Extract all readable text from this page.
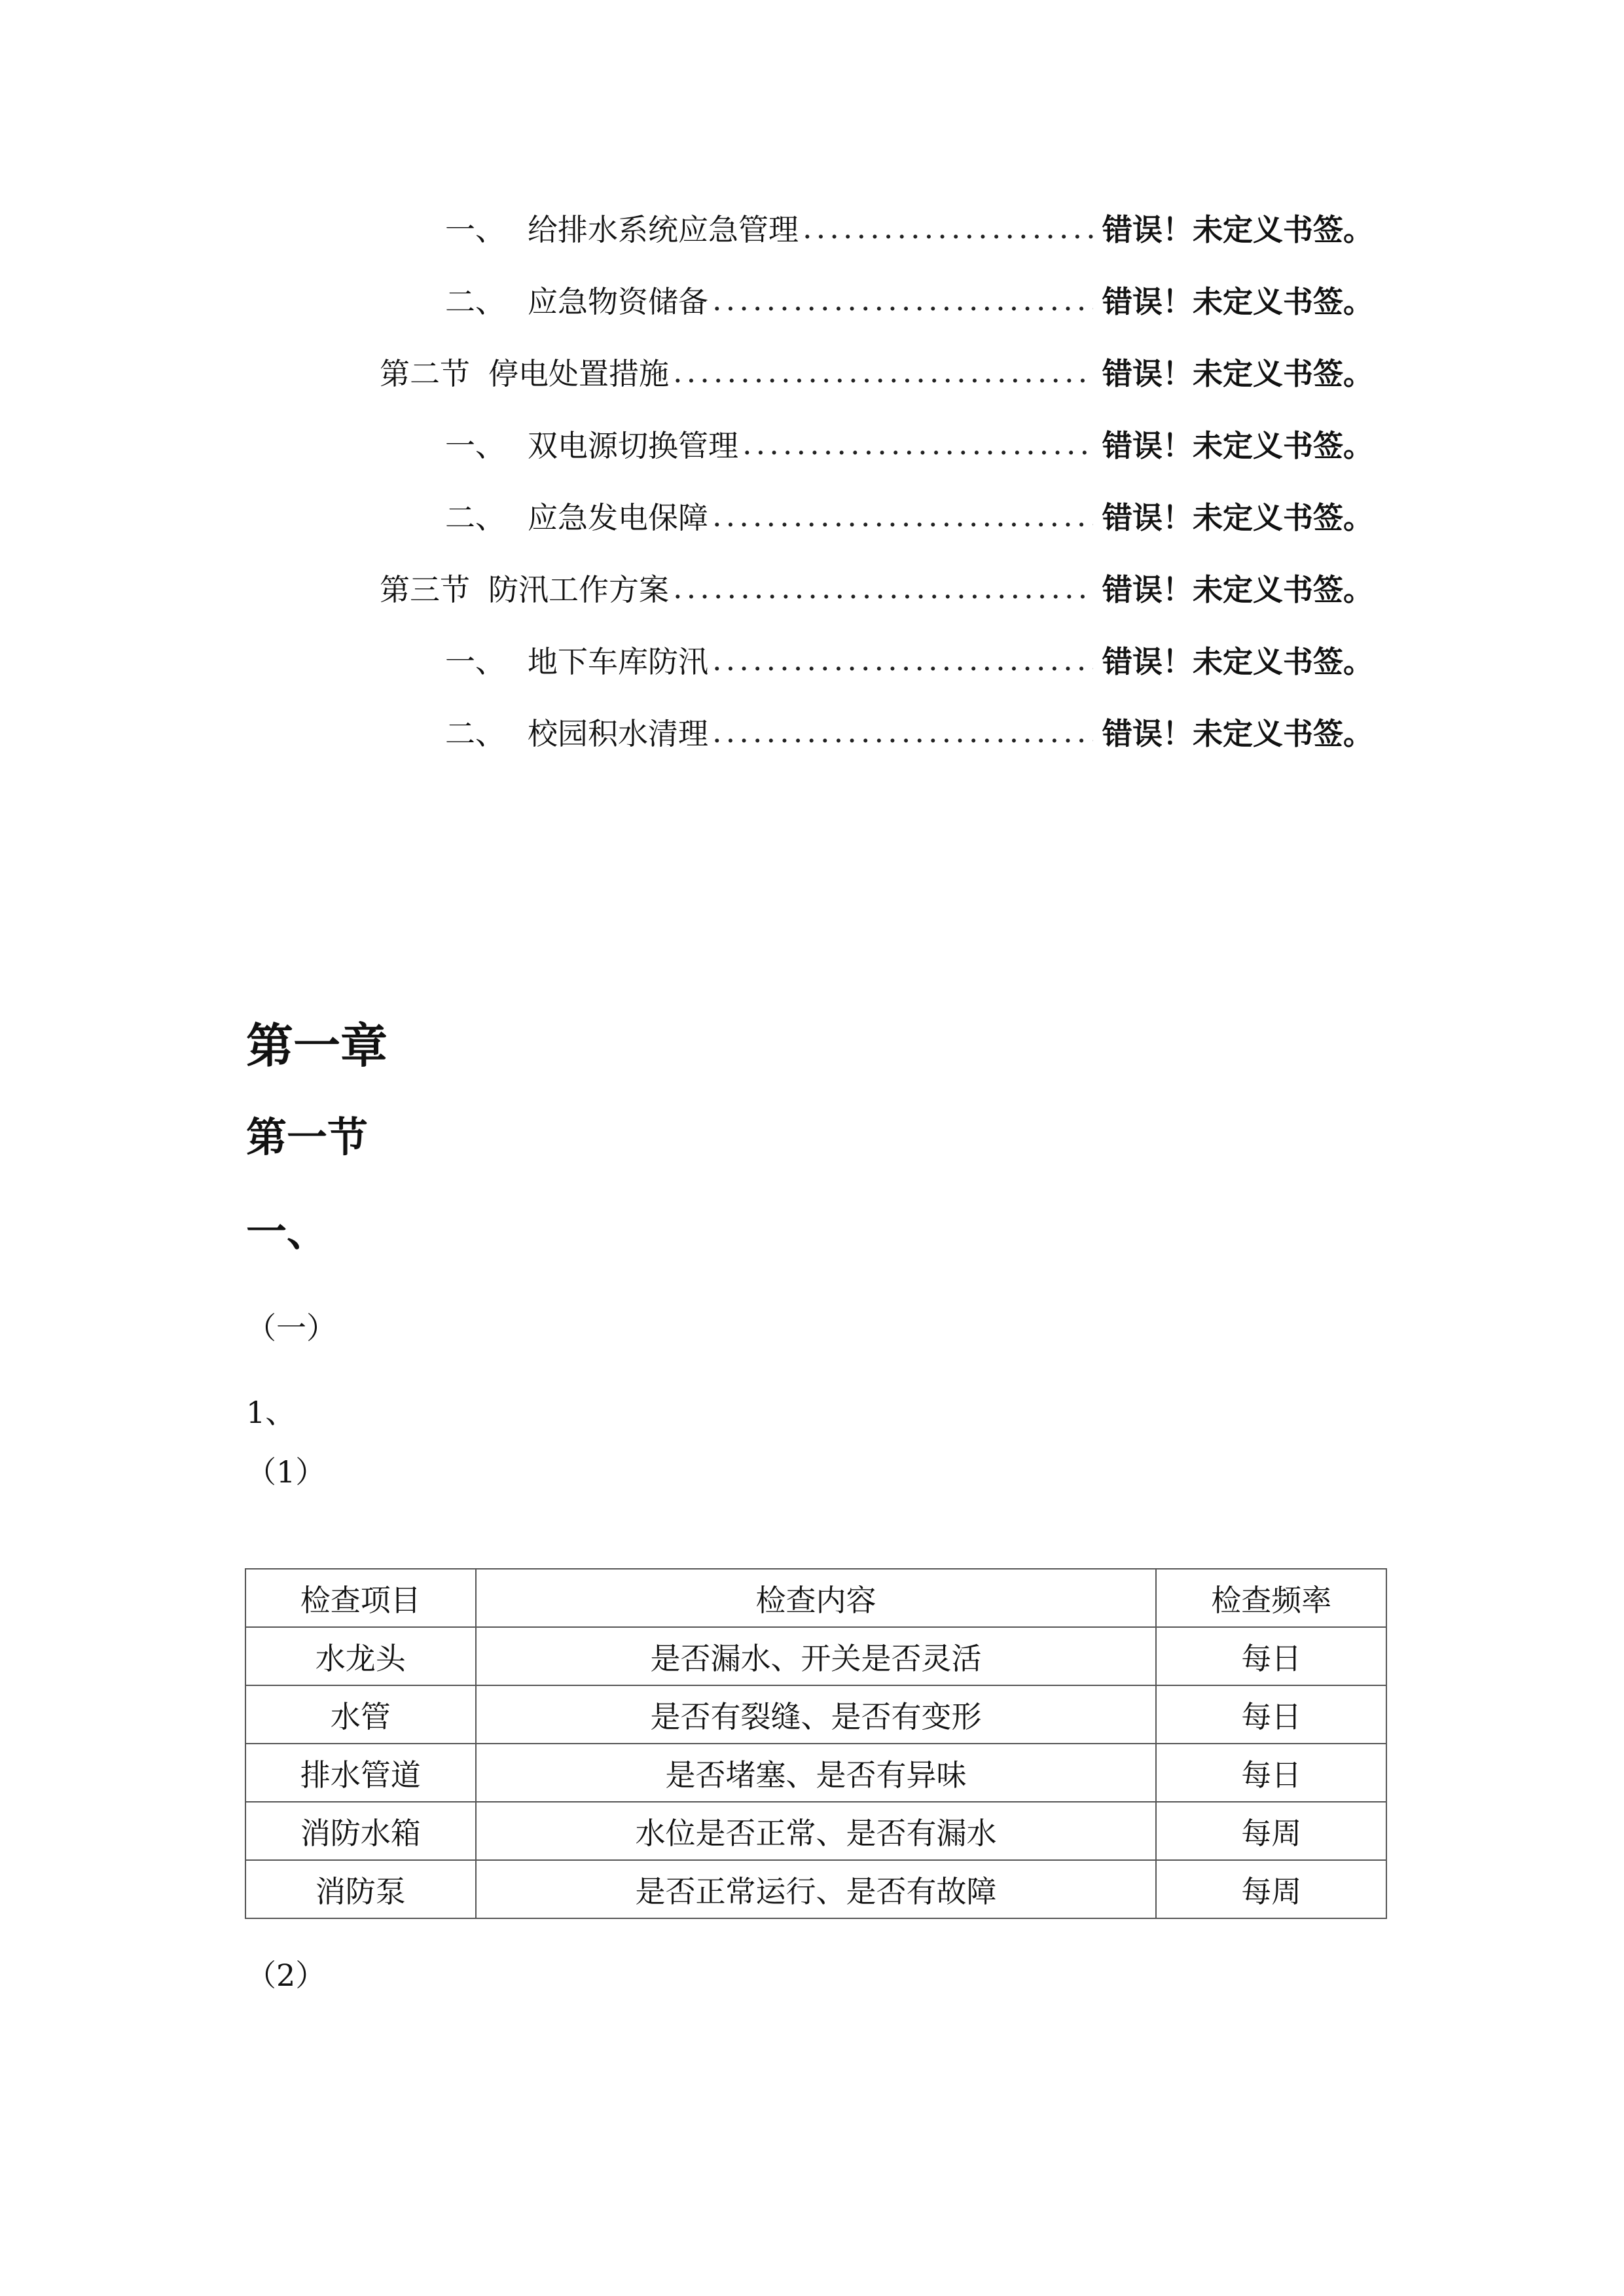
一、 给排水系统应急管理 .....	错误！未定义书签。
二、 应急物资储备 .....	错误！未定义书签。
第二节 停电处置措施 .....	错误！未定义书签。
一、 双电源切换管理 .....	错误！未定义书签。
二、 应急发电保障 .....	错误！未定义书签。
第三节 防汛工作方案 .....	错误！未定义书签。
一、 地下车库防汛 .....	错误！未定义书签。
二、 校园积水清理 .....	错误！未定义书签。
第一章
第一节
一、
（一）
1、
（1）
检查项目	检查内容	检查频率
水龙头	是否漏水、开关是否灵活	每日
水管	是否有裂缝、是否有变形	每日
排水管道	是否堵塞、是否有异味	每日
消防水箱	水位是否正常、是否有漏水	每周
消防泵	是否正常运行、是否有故障	每周
（2）
